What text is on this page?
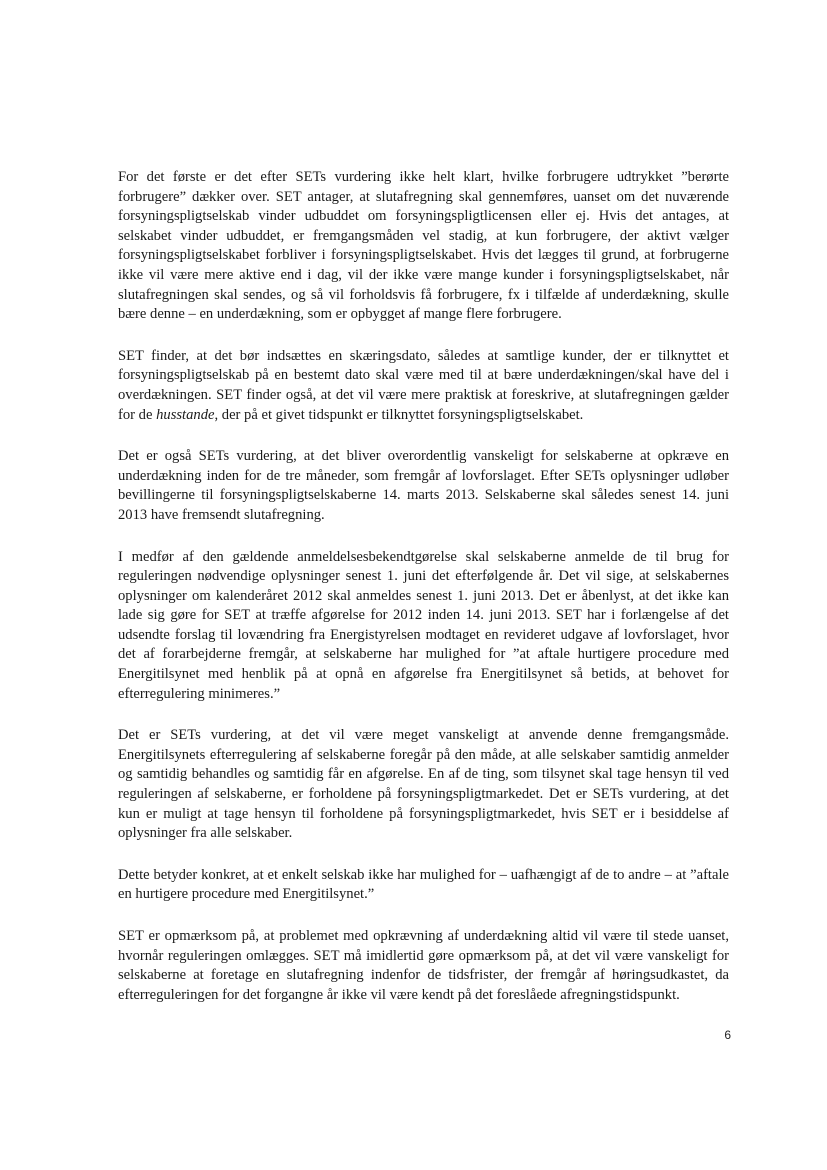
For det første er det efter SETs vurdering ikke helt klart, hvilke forbrugere udtrykket ”berørte forbrugere” dækker over. SET antager, at slutafregning skal gennemføres, uanset om det nuværende forsyningspligtselskab vinder udbuddet om forsyningspligtlicensen eller ej. Hvis det antages, at selskabet vinder udbuddet, er fremgangsmåden vel stadig, at kun forbrugere, der aktivt vælger forsyningspligtselskabet forbliver i forsyningspligtselskabet. Hvis det lægges til grund, at forbrugerne ikke vil være mere aktive end i dag, vil der ikke være mange kunder i forsyningspligtselskabet, når slutafregningen skal sendes, og så vil forholdsvis få forbrugere, fx i tilfælde af underdækning, skulle bære denne – en underdækning, som er opbygget af mange flere forbrugere.

SET finder, at det bør indsættes en skæringsdato, således at samtlige kunder, der er tilknyttet et forsyningspligtselskab på en bestemt dato skal være med til at bære underdækningen/skal have del i overdækningen. SET finder også, at det vil være mere praktisk at foreskrive, at slutafregningen gælder for de husstande, der på et givet tidspunkt er tilknyttet forsyningspligtselskabet.

Det er også SETs vurdering, at det bliver overordentlig vanskeligt for selskaberne at opkræve en underdækning inden for de tre måneder, som fremgår af lovforslaget. Efter SETs oplysninger udløber bevillingerne til forsyningspligtselskaberne 14. marts 2013. Selskaberne skal således senest 14. juni 2013 have fremsendt slutafregning.

I medfør af den gældende anmeldelsesbekendtgørelse skal selskaberne anmelde de til brug for reguleringen nødvendige oplysninger senest 1. juni det efterfølgende år. Det vil sige, at selskabernes oplysninger om kalenderåret 2012 skal anmeldes senest 1. juni 2013. Det er åbenlyst, at det ikke kan lade sig gøre for SET at træffe afgørelse for 2012 inden 14. juni 2013. SET har i forlængelse af det udsendte forslag til lovændring fra Energistyrelsen modtaget en revideret udgave af lovforslaget, hvor det af forarbejderne fremgår, at selskaberne har mulighed for ”at aftale hurtigere procedure med Energitilsynet med henblik på at opnå en afgørelse fra Energitilsynet så betids, at behovet for efterregulering minimeres.”

Det er SETs vurdering, at det vil være meget vanskeligt at anvende denne fremgangsmåde. Energitilsynets efterregulering af selskaberne foregår på den måde, at alle selskaber samtidig anmelder og samtidig behandles og samtidig får en afgørelse. En af de ting, som tilsynet skal tage hensyn til ved reguleringen af selskaberne, er forholdene på forsyningspligtmarkedet. Det er SETs vurdering, at det kun er muligt at tage hensyn til forholdene på forsyningspligtmarkedet, hvis SET er i besiddelse af oplysninger fra alle selskaber.

Dette betyder konkret, at et enkelt selskab ikke har mulighed for – uafhængigt af de to andre – at ”aftale en hurtigere procedure med Energitilsynet.”

SET er opmærksom på, at problemet med opkrævning af underdækning altid vil være til stede uanset, hvornår reguleringen omlægges. SET må imidlertid gøre opmærksom på, at det vil være vanskeligt for selskaberne at foretage en slutafregning indenfor de tidsfrister, der fremgår af høringsudkastet, da efterreguleringen for det forgangne år ikke vil være kendt på det foreslåede afregningstidspunkt.

6
